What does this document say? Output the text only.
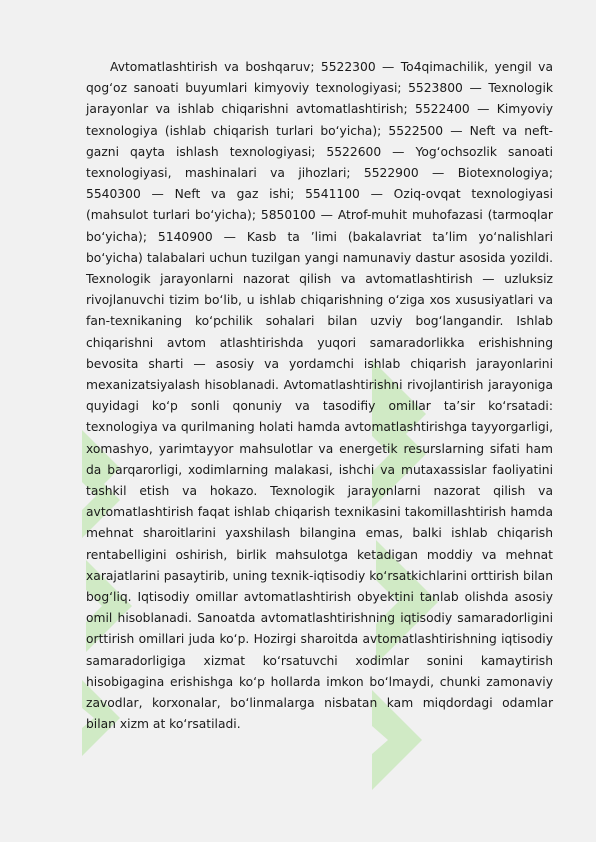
Avtomatlashtirish va boshqaruv; 5522300 — To4qimachilik, yengil va qog‘oz sanoati buyumlari kimyoviy texnologiyasi; 5523800 — Texnologik jarayonlar va ishlab chiqarishni avtomatlashtirish; 5522400 — Kimyoviy texnologiya (ishlab chiqarish turlari bo‘yicha); 5522500 — Neft va neft-gazni qayta ishlash texnologiyasi; 5522600 — Yog‘ochsozlik sanoati texnologiyasi, mashinalari va jihozlari; 5522900 — Biotexnologiya; 5540300 — Neft va gaz ishi; 5541100 — Oziq-ovqat texnologiyasi (mahsulot turlari bo‘yicha); 5850100 — Atrof-muhit muhofazasi (tarmoqlar bo‘yicha); 5140900 — Kasb ta ’limi (bakalavriat ta’lim yo‘nalishlari bo‘yicha) talabalari uchun tuzilgan yangi namunaviy dastur asosida yozildi. Texnologik jarayonlarni nazorat qilish va avtomatlashtirish — uzluksiz rivojlanuvchi tizim bo‘lib, u ishlab chiqarishning o‘ziga xos xususiyatlari va fan-texnikaning ko‘pchilik sohalari bilan uzviy bog‘langandir. Ishlab chiqarishni avtom atlashtirishda yuqori samaradorlikka erishishning bevosita sharti — asosiy va yordamchi ishlab chiqarish jarayonlarini mexanizatsiyalash hisoblanadi. Avtomatlashtirishni rivojlantirish jarayoniga quyidagi ko‘p sonli qonuniy va tasodifiy omillar ta’sir ko‘rsatadi: texnologiya va qurilmaning holati hamda avtomatlashtirishga tayyorgarligi, xomashyo, yarimtayyor mahsulotlar va energetik resurslarning sifati ham da barqarorligi, xodimlarning malakasi, ishchi va mutaxassislar faoliyatini tashkil etish va hokazo. Texnologik jarayonlarni nazorat qilish va avtomatlashtirish faqat ishlab chiqarish texnikasini takomillashtirish hamda mehnat sharoitlarini yaxshilash bilangina emas, balki ishlab chiqarish rentabelligini oshirish, birlik mahsulotga ketadigan moddiy va mehnat xarajatlarini pasaytirib, uning texnik-iqtisodiy ko‘rsatkichlarini orttirish bilan bog‘liq. Iqtisodiy omillar avtomatlashtirish obyektini tanlab olishda asosiy omil hisoblanadi. Sanoatda avtomatlashtirishning iqtisodiy samaradorligini orttirish omillari juda ko‘p. Hozirgi sharoitda avtomatlashtirishning iqtisodiy samaradorligiga xizmat ko‘rsatuvchi xodimlar sonini kamaytirish hisobigagina erishishga ko‘p hollarda imkon bo‘lmaydi, chunki zamonaviy zavodlar, korxonalar, bo‘linmalarga nisbatan kam miqdordagi odamlar bilan xizm at ko‘rsatiladi.
